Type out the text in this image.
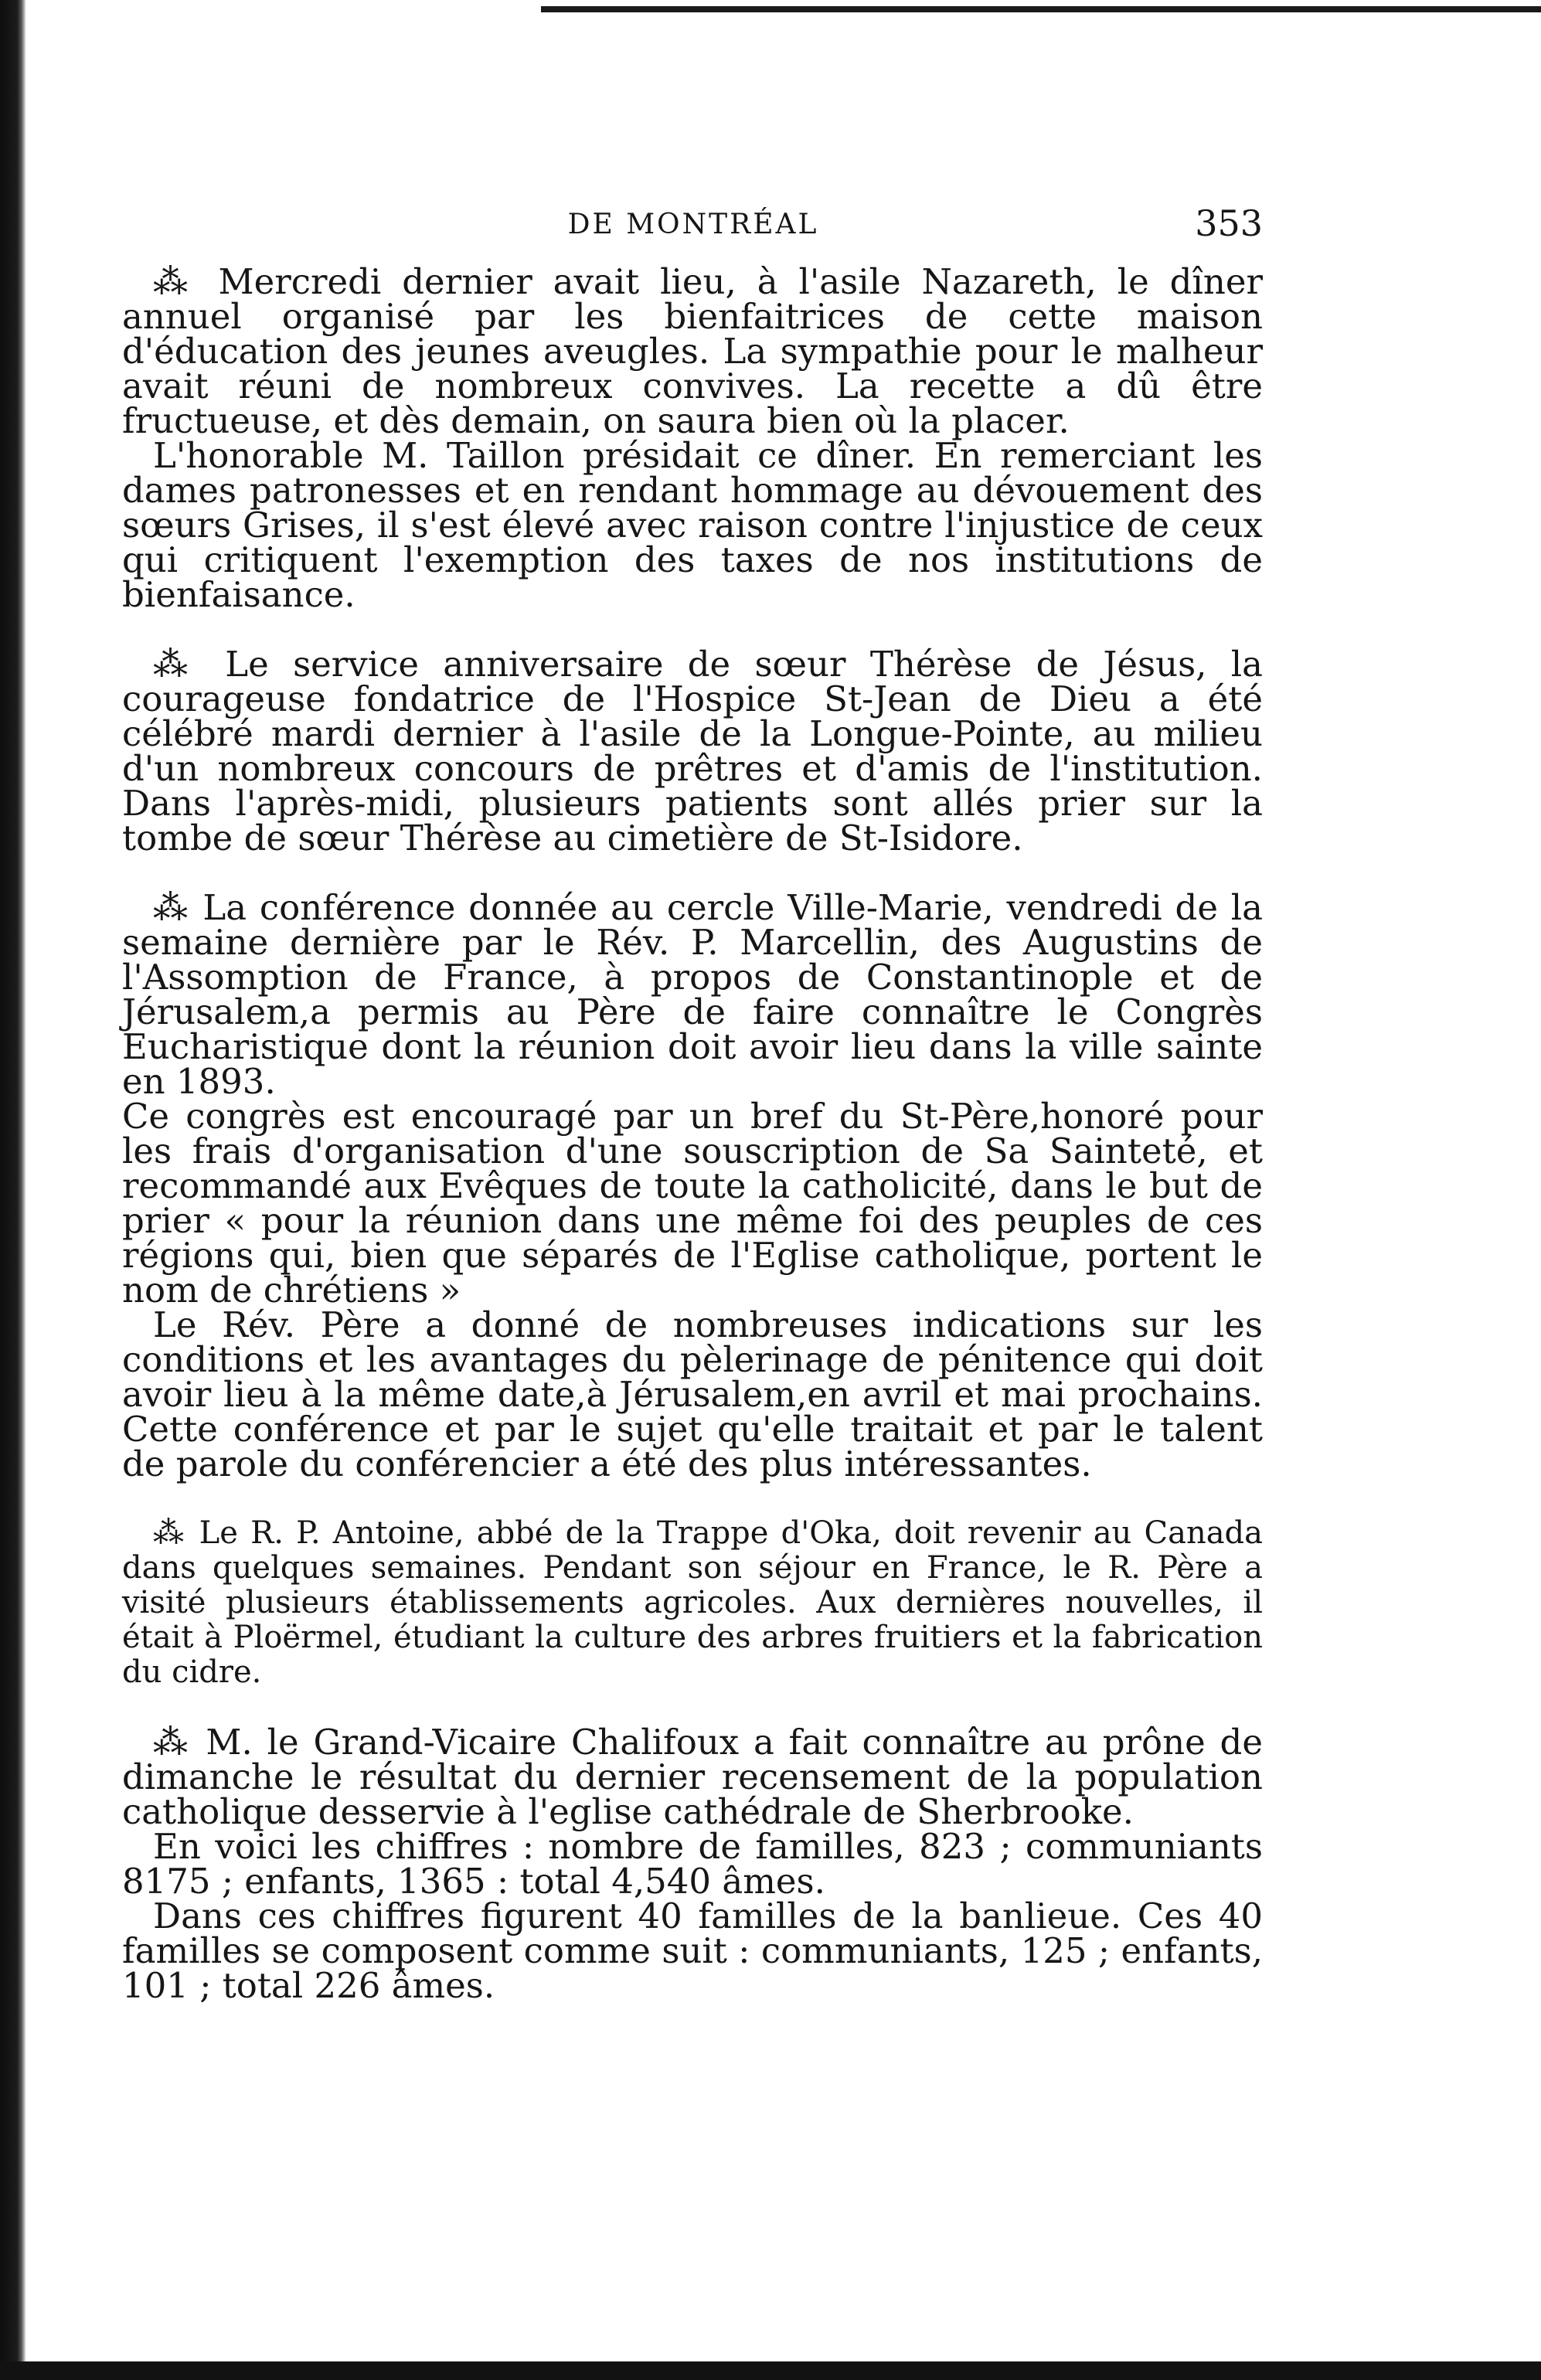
DE MONTRÉAL	353

⁂ Mercredi dernier avait lieu, à l'asile Nazareth, le dîner annuel organisé par les bienfaitrices de cette maison d'éducation des jeunes aveugles. La sympathie pour le malheur avait réuni de nombreux convives. La recette a dû être fructueuse, et dès demain, on saura bien où la placer.

L'honorable M. Taillon présidait ce dîner. En remerciant les dames patronesses et en rendant hommage au dévouement des sœurs Grises, il s'est élevé avec raison contre l'injustice de ceux qui critiquent l'exemption des taxes de nos institutions de bienfaisance.

⁂ Le service anniversaire de sœur Thérèse de Jésus, la courageuse fondatrice de l'Hospice St-Jean de Dieu a été célébré mardi dernier à l'asile de la Longue-Pointe, au milieu d'un nombreux concours de prêtres et d'amis de l'institution. Dans l'après-midi, plusieurs patients sont allés prier sur la tombe de sœur Thérèse au cimetière de St-Isidore.

⁂ La conférence donnée au cercle Ville-Marie, vendredi de la semaine dernière par le Rév. P. Marcellin, des Augustins de l'Assomption de France, à propos de Constantinople et de Jérusalem,a permis au Père de faire connaître le Congrès Eucharistique dont la réunion doit avoir lieu dans la ville sainte en 1893.

Ce congrès est encouragé par un bref du St-Père,honoré pour les frais d'organisation d'une souscription de Sa Sainteté, et recommandé aux Evêques de toute la catholicité, dans le but de prier « pour la réunion dans une même foi des peuples de ces régions qui, bien que séparés de l'Eglise catholique, portent le nom de chrétiens »

Le Rév. Père a donné de nombreuses indications sur les conditions et les avantages du pèlerinage de pénitence qui doit avoir lieu à la même date,à Jérusalem,en avril et mai prochains. Cette conférence et par le sujet qu'elle traitait et par le talent de parole du conférencier a été des plus intéressantes.

⁂ Le R. P. Antoine, abbé de la Trappe d'Oka, doit revenir au Canada dans quelques semaines. Pendant son séjour en France, le R. Père a visité plusieurs établissements agricoles. Aux dernières nouvelles, il était à Ploërmel, étudiant la culture des arbres fruitiers et la fabrication du cidre.

⁂ M. le Grand-Vicaire Chalifoux a fait connaître au prône de dimanche le résultat du dernier recensement de la population catholique desservie à l'eglise cathédrale de Sherbrooke.

En voici les chiffres : nombre de familles, 823 ; communiants 8175 ; enfants, 1365 : total 4,540 âmes.

Dans ces chiffres figurent 40 familles de la banlieue. Ces 40 familles se composent comme suit : communiants, 125 ; enfants, 101 ; total 226 âmes.
